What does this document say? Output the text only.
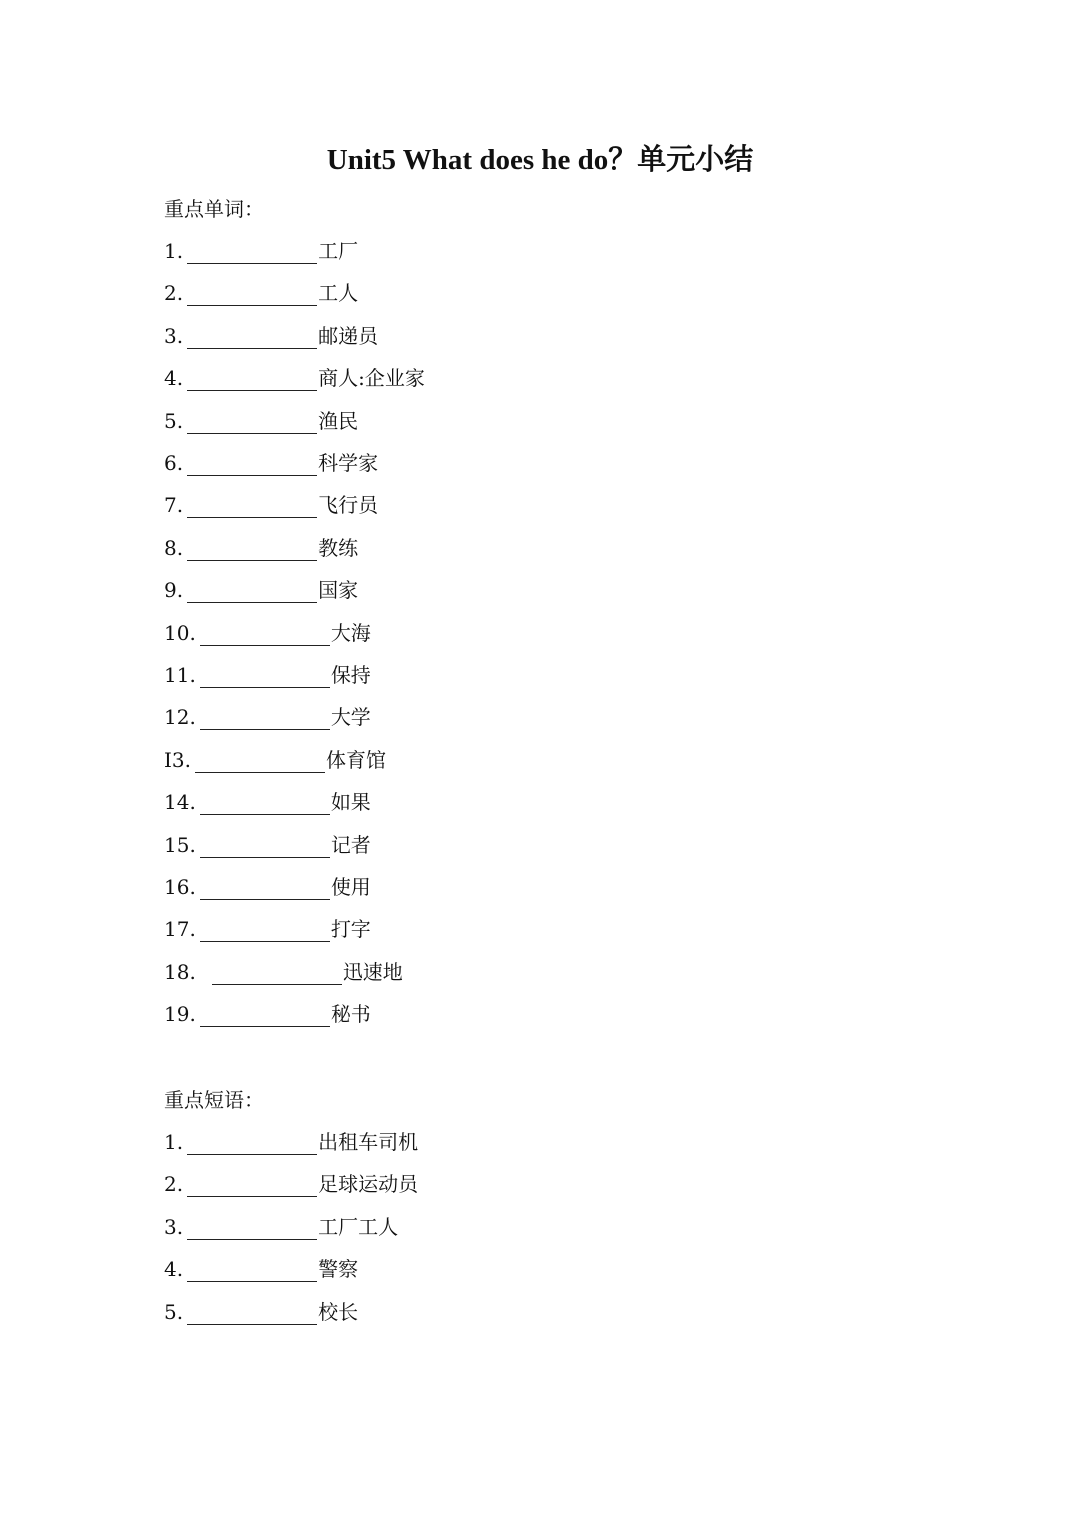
Unit5 What does he do？单元小结
重点单词：
1.	工厂
2.	工人
3.	邮递员
4.	商人:企业家
5.	渔民
6.	科学家
7.	飞行员
8.	教练
9.	国家
10.	大海
11.	保持
12.	大学
I3.	体育馆
14.	如果
15.	记者
16.	使用
17.	打字
18.	迅速地
19.	秘书
重点短语：
1.	出租车司机
2.	足球运动员
3.	工厂工人
4.	警察
5.	校长
